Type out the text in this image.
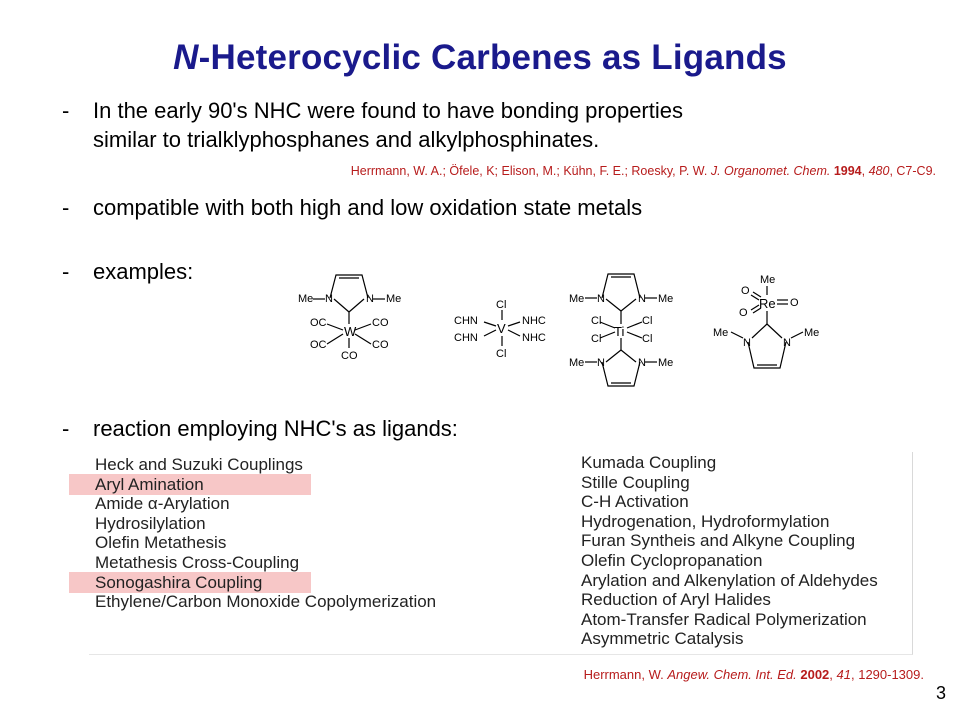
N-Heterocyclic Carbenes as Ligands
- In the early 90's NHC were found to have bonding properties
similar to trialklyphosphanes and alkylphosphinates.
Herrmann, W. A.; Öfele, K; Elison, M.; Kühn, F. E.; Roesky, P. W. J. Organomet. Chem. 1994, 480, C7-C9.
- compatible with both high and low oxidation state metals
- examples:
Me N	N Me
W
OC	CO
OC	CO
CO
Cl
Cl
V
CHN
CHN
NHC
NHC
Me N	N Me
Ti
Cl	Cl
Cl	Cl
Me N	N Me
Me
Re
O
O
O
Me
N	N
Me
- reaction employing NHC's as ligands:
Heck and Suzuki Couplings
Aryl Amination
Amide α-Arylation
Hydrosilylation
Olefin Metathesis
Metathesis Cross-Coupling
Sonogashira Coupling
Ethylene/Carbon Monoxide Copolymerization
Kumada Coupling
Stille Coupling
C-H Activation
Hydrogenation, Hydroformylation
Furan Syntheis and Alkyne Coupling
Olefin Cyclopropanation
Arylation and Alkenylation of Aldehydes
Reduction of Aryl Halides
Atom-Transfer Radical Polymerization
Asymmetric Catalysis
Herrmann, W. Angew. Chem. Int. Ed. 2002, 41, 1290-1309.
3
